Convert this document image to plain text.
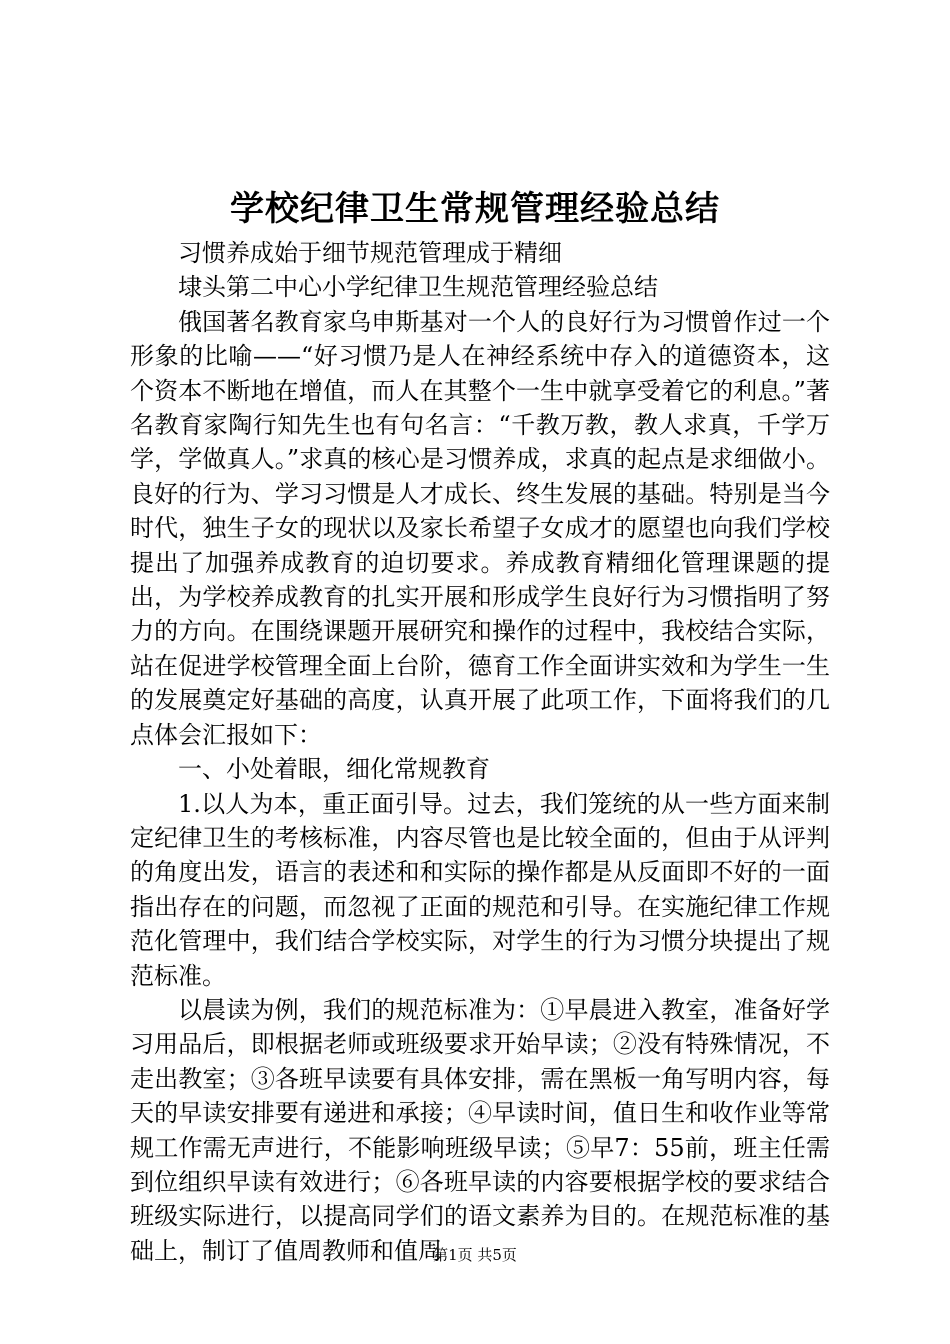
学校纪律卫生常规管理经验总结

习惯养成始于细节规范管理成于精细

埭头第二中心小学纪律卫生规范管理经验总结

俄国著名教育家乌申斯基对一个人的良好行为习惯曾作过一个形象的比喻——“好习惯乃是人在神经系统中存入的道德资本，这个资本不断地在增值，而人在其整个一生中就享受着它的利息。”著名教育家陶行知先生也有句名言：“千教万教，教人求真，千学万学，学做真人。”求真的核心是习惯养成，求真的起点是求细做小。良好的行为、学习习惯是人才成长、终生发展的基础。特别是当今时代，独生子女的现状以及家长希望子女成才的愿望也向我们学校提出了加强养成教育的迫切要求。养成教育精细化管理课题的提出，为学校养成教育的扎实开展和形成学生良好行为习惯指明了努力的方向。在围绕课题开展研究和操作的过程中，我校结合实际，站在促进学校管理全面上台阶，德育工作全面讲实效和为学生一生的发展奠定好基础的高度，认真开展了此项工作，下面将我们的几点体会汇报如下：

一、小处着眼，细化常规教育

1.以人为本，重正面引导。过去，我们笼统的从一些方面来制定纪律卫生的考核标准，内容尽管也是比较全面的，但由于从评判的角度出发，语言的表述和和实际的操作都是从反面即不好的一面指出存在的问题，而忽视了正面的规范和引导。在实施纪律工作规范化管理中，我们结合学校实际，对学生的行为习惯分块提出了规范标准。

以晨读为例，我们的规范标准为：①早晨进入教室，准备好学习用品后，即根据老师或班级要求开始早读；②没有特殊情况，不走出教室；③各班早读要有具体安排，需在黑板一角写明内容，每天的早读安排要有递进和承接；④早读时间，值日生和收作业等常规工作需无声进行，不能影响班级早读；⑤早7：55前，班主任需到位组织早读有效进行；⑥各班早读的内容要根据学校的要求结合班级实际进行，以提高同学们的语文素养为目的。在规范标准的基础上，制订了值周教师和值周

第1页 共5页
